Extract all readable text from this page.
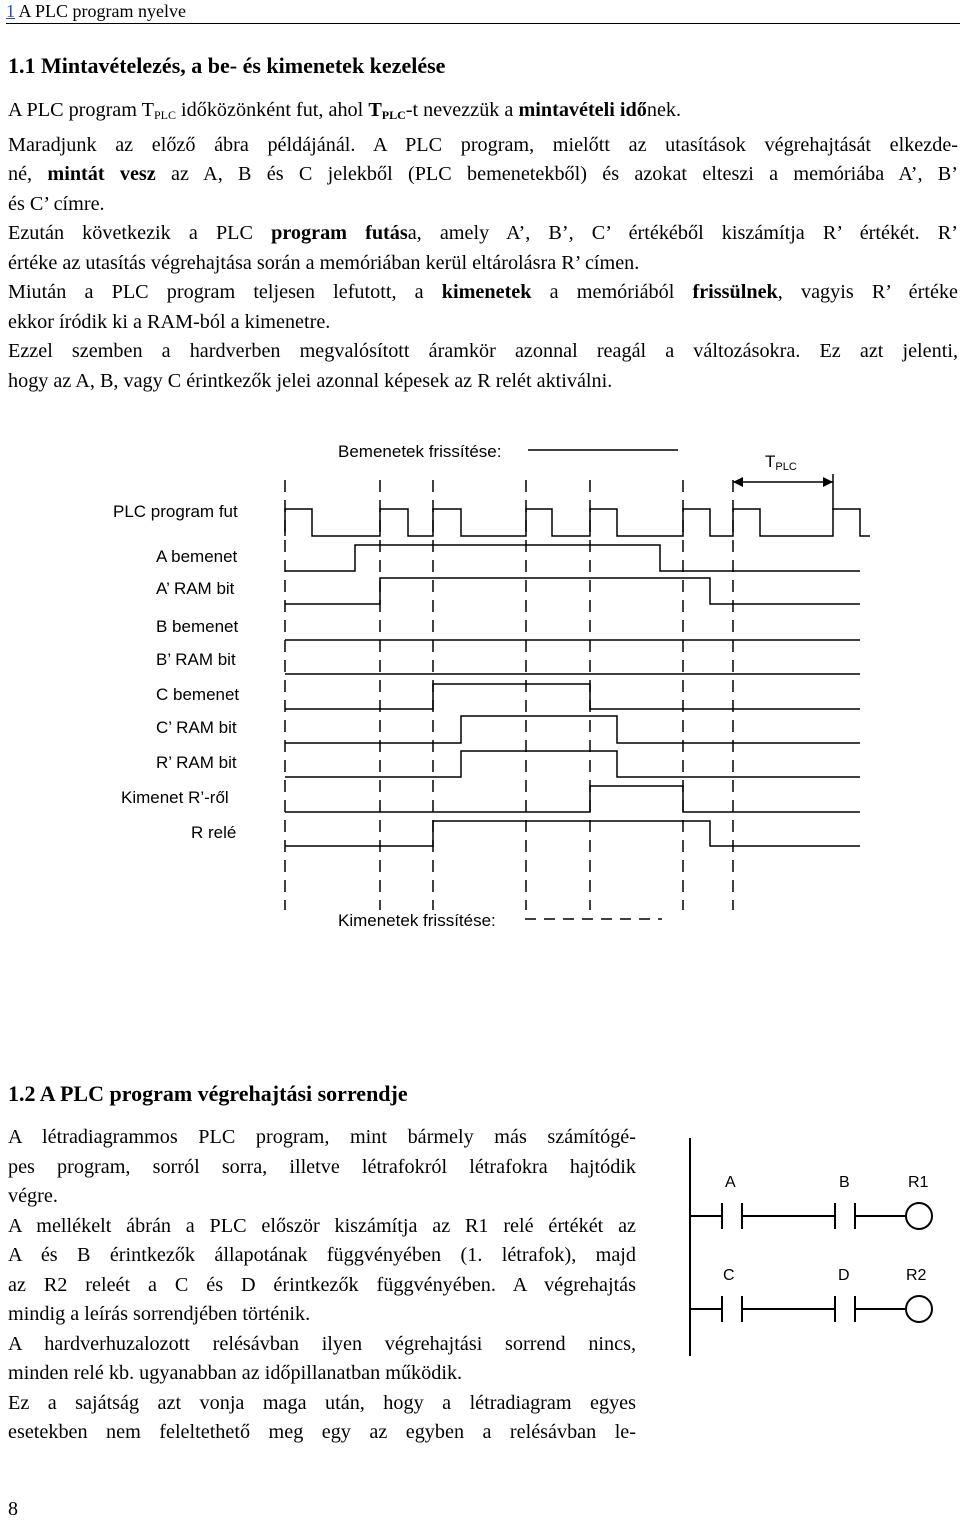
1 A PLC program nyelve
1.1 Mintavételezés, a be- és kimenetek kezelése
A PLC program $T_{PLC}$ időközönként fut, ahol $T_{PLC}-t$ nevezzük a mintavételi időnek.
Maradjunk az előző ábra példájánál. A PLC program, mielőtt az utasítások végrehajtását elkezde-
né, mintát vesz az A, B és C jelekből (PLC bemenetekből) és azokat elteszi a memóriába A’, B’
és C’ címre.
Ezután következik a PLC program futása, amely A’, B’, C’ értékéből kiszámítja R’ értékét. R’
értéke az utasítás végrehajtása során a memóriában kerül eltárolásra R’ címen.
Miután a PLC program teljesen lefutott, a kimenetek a memóriából frissülnek, vagyis R’ értéke
ekkor íródik ki a RAM-ból a kimenetre.
Ezzel szemben a hardverben megvalósított áramkör azonnal reagál a változásokra. Ez azt jelenti,
hogy az A, B, vagy C érintkezők jelei azonnal képesek az R relét aktiválni.
Bemenetek frissítése:
TPLC
PLC program fut
A bemenet
A’ RAM bit
B bemenet
B’ RAM bit
C bemenet
C’ RAM bit
R’ RAM bit
Kimenet R’-ről
R relé
Kimenetek frissítése:
1.2 A PLC program végrehajtási sorrendje
A létradiagrammos PLC program, mint bármely más számítógé-
pes program, sorról sorra, illetve létrafokról létrafokra hajtódik
végre.
A mellékelt ábrán a PLC először kiszámítja az R1 relé értékét az
A és B érintkezők állapotának függvényében (1. létrafok), majd
az R2 releét a C és D érintkezők függvényében. A végrehajtás
mindig a leírás sorrendjében történik.
A hardverhuzalozott relésávban ilyen végrehajtási sorrend nincs,
minden relé kb. ugyanabban az időpillanatban működik.
Ez a sajátság azt vonja maga után, hogy a létradiagram egyes
esetekben nem feleltethető meg egy az egyben a relésávban le-
A	B	R1
C	D	R2
8
